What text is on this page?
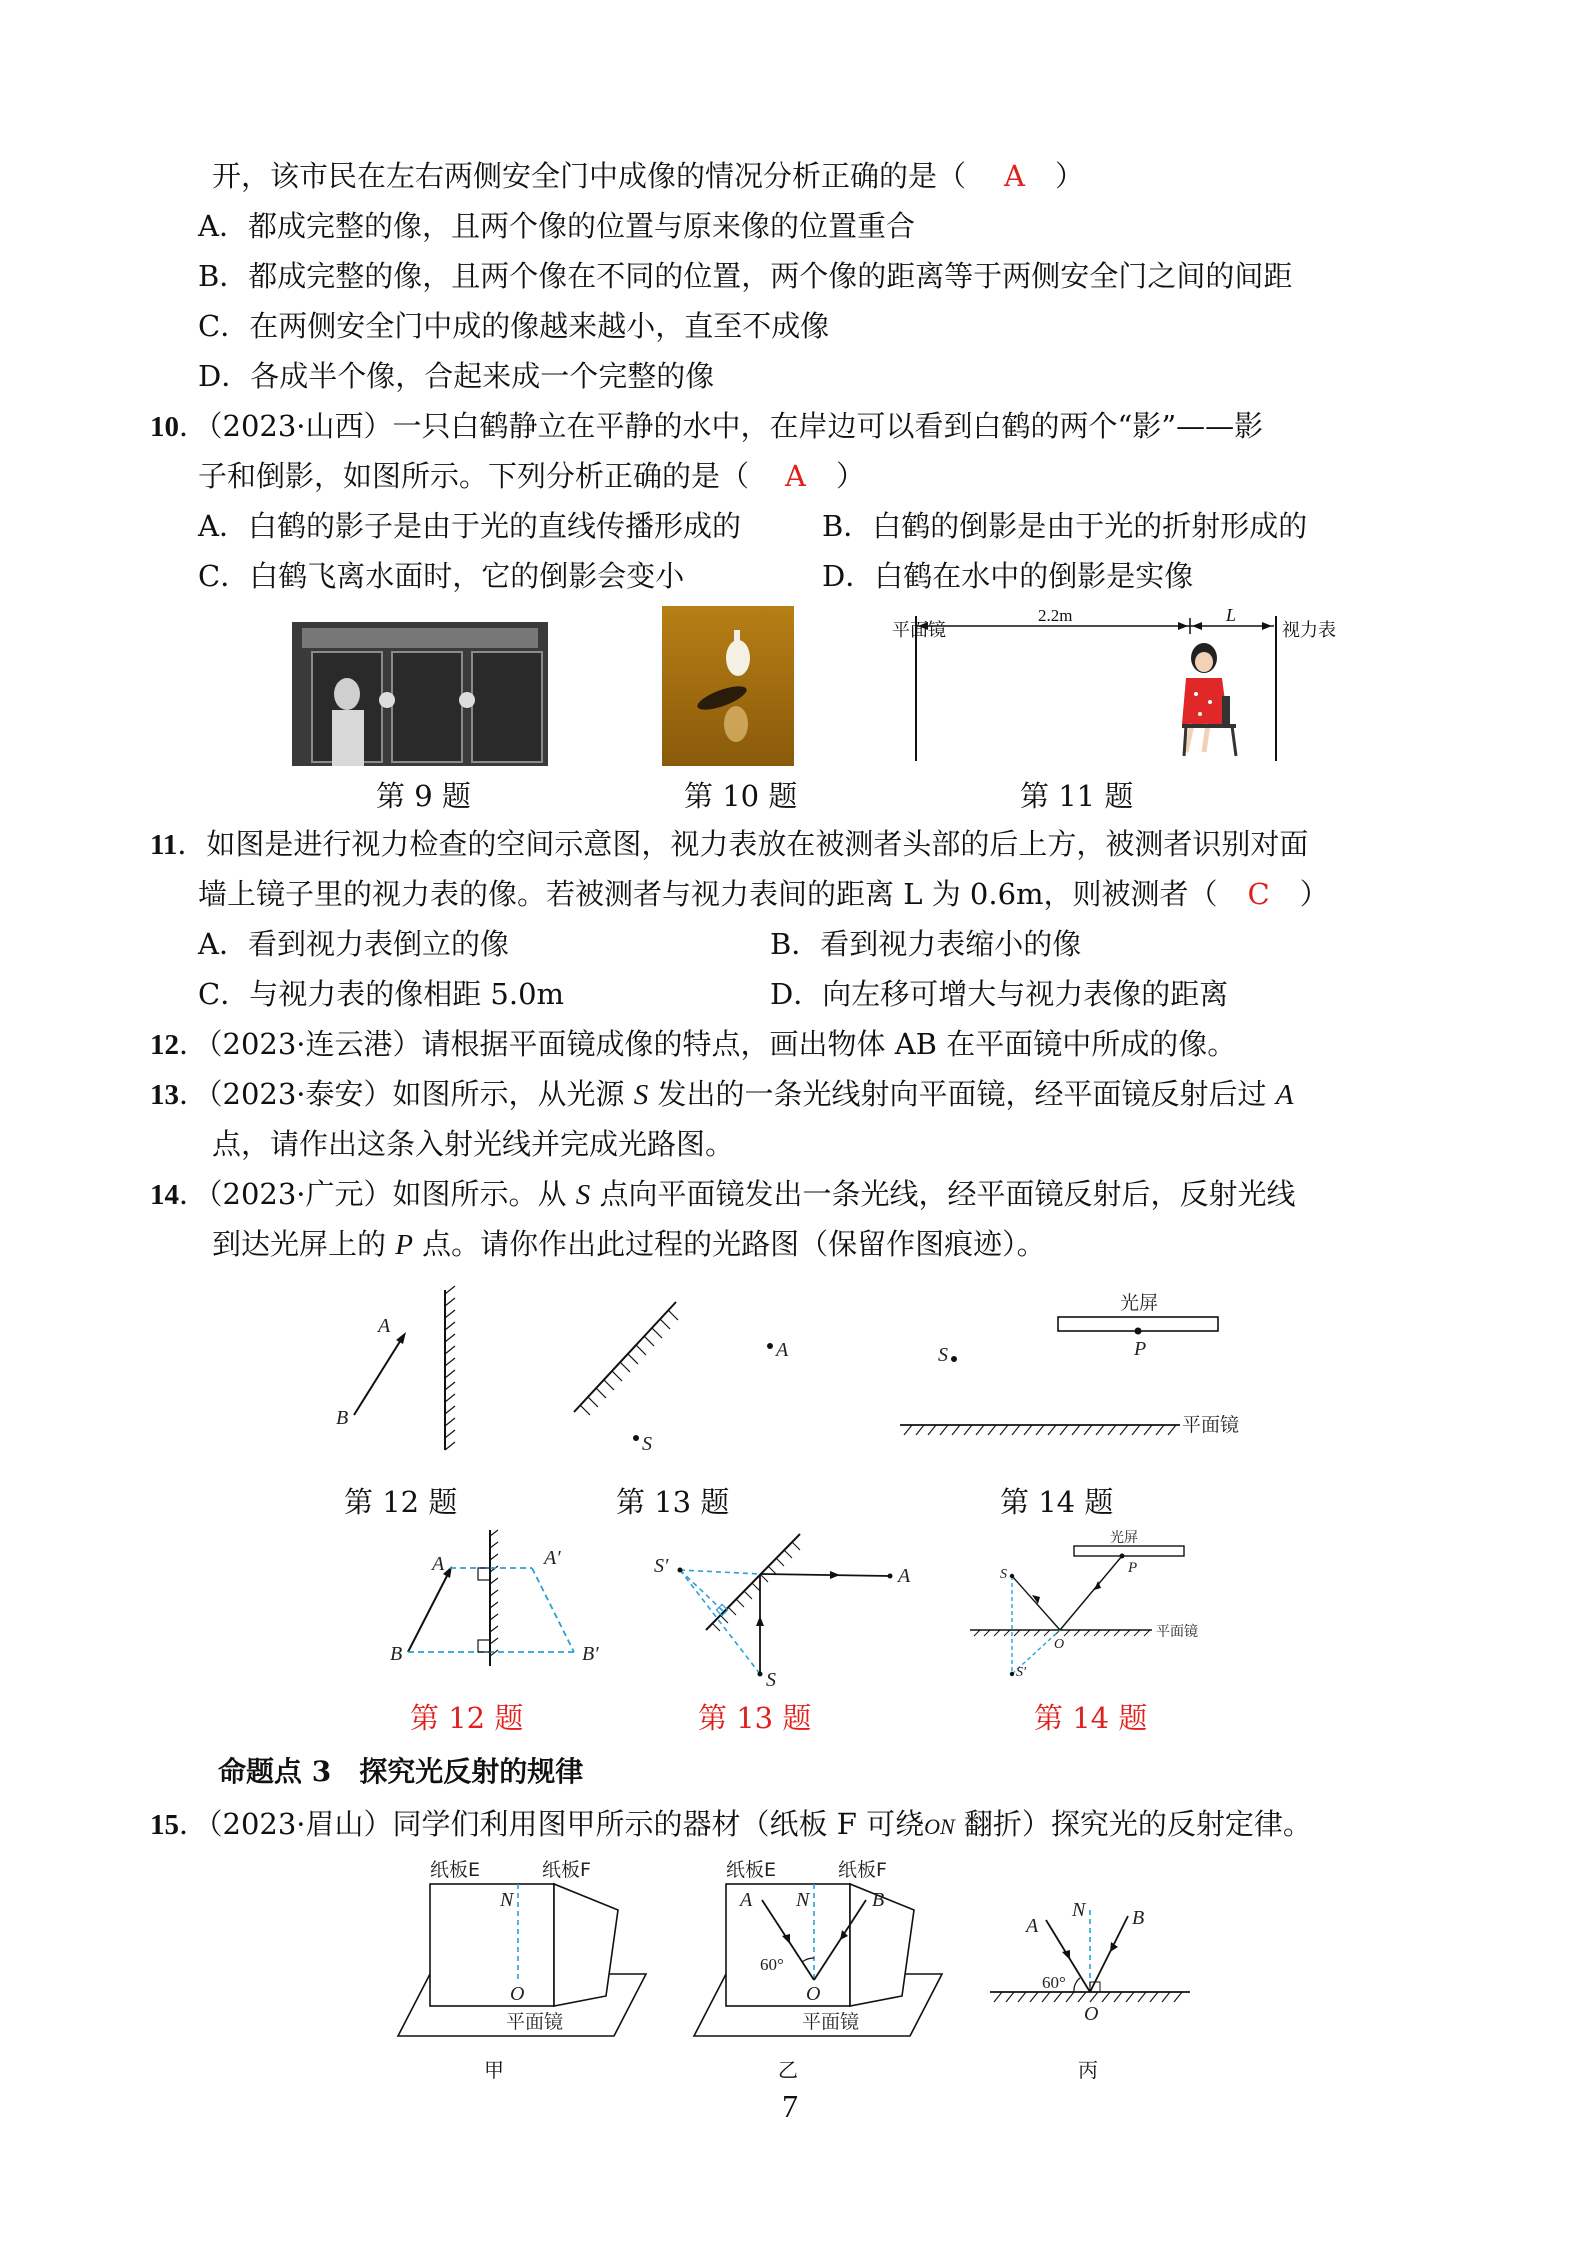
开，该市民在左右两侧安全门中成像的情况分析正确的是（ A ）
A．都成完整的像，且两个像的位置与原来像的位置重合
B．都成完整的像，且两个像在不同的位置，两个像的距离等于两侧安全门之间的间距
C．在两侧安全门中成的像越来越小，直至不成像
D．各成半个像，合起来成一个完整的像
10．（2023·山西）一只白鹤静立在平静的水中，在岸边可以看到白鹤的两个“影”——影
子和倒影，如图所示。下列分析正确的是（ A ）
A．白鹤的影子是由于光的直线传播形成的	B．白鹤的倒影是由于光的折射形成的
C．白鹤飞离水面时，它的倒影会变小	D．白鹤在水中的倒影是实像
2.2m	L
平面镜	视力表
第 9 题	第 10 题	第 11 题
11．如图是进行视力检查的空间示意图，视力表放在被测者头部的后上方，被测者识别对面
墙上镜子里的视力表的像。若被测者与视力表间的距离 L 为 0.6m，则被测者（ C ）
A．看到视力表倒立的像	B．看到视力表缩小的像
C．与视力表的像相距 5.0m	D．向左移可增大与视力表像的距离
12．（2023·连云港）请根据平面镜成像的特点，画出物体 AB 在平面镜中所成的像。
13．（2023·泰安）如图所示，从光源 S 发出的一条光线射向平面镜，经平面镜反射后过 A
点，请作出这条入射光线并完成光路图。
14．（2023·广元）如图所示。从 S 点向平面镜发出一条光线，经平面镜反射后，反射光线
到达光屏上的 P 点。请你作出此过程的光路图（保留作图痕迹）。
A
B
A
S
光屏
P
S
平面镜
第 12 题	第 13 题	第 14 题
A
B
A′
B′
S′	A
S
光屏
P
平面镜
S
S′
O
第 12 题	第 13 题	第 14 题
命题点 3　探究光反射的规律
15．（2023·眉山）同学们利用图甲所示的器材（纸板 F 可绕ON 翻折）探究光的反射定律。
纸板E	纸板F
N
O
平面镜
纸板E	纸板F
A	B
N
60°
O
平面镜
A
N B
60°
O
甲	乙	丙
7
